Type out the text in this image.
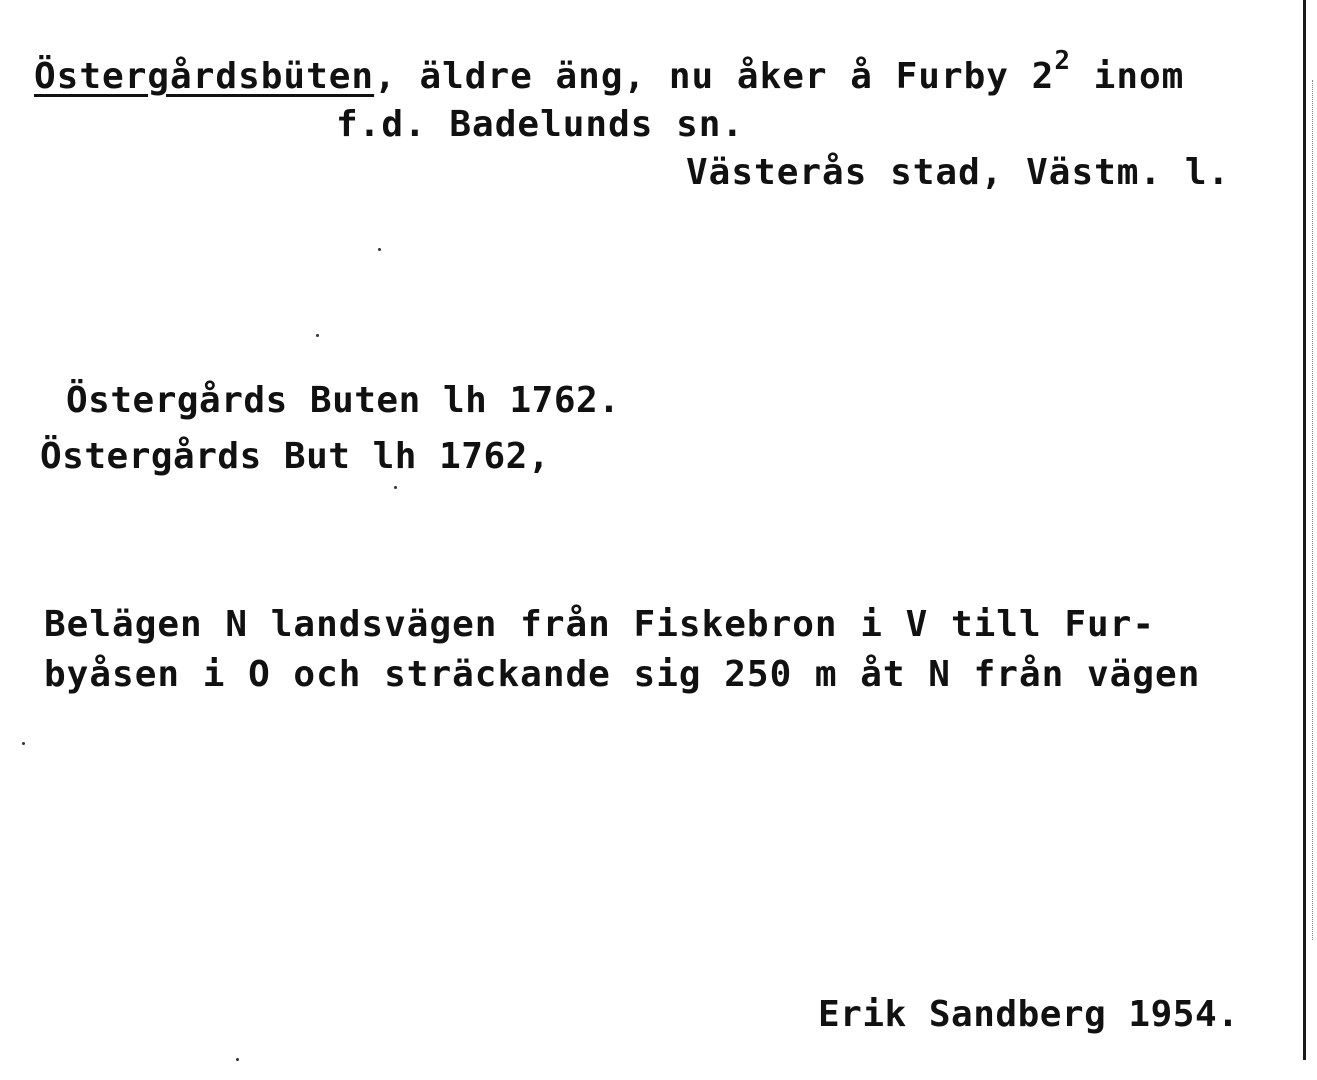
Östergårdsbüten, äldre äng, nu åker å Furby $2^2$ inom
f.d. Badelunds sn.
Västerås stad, Västm. l.
Östergårds Buten lh 1762.
Östergårds But lh 1762,
Belägen N landsvägen från Fiskebron i V till Fur-
byåsen i O och sträckande sig 250 m åt N från vägen
Erik Sandberg 1954.
